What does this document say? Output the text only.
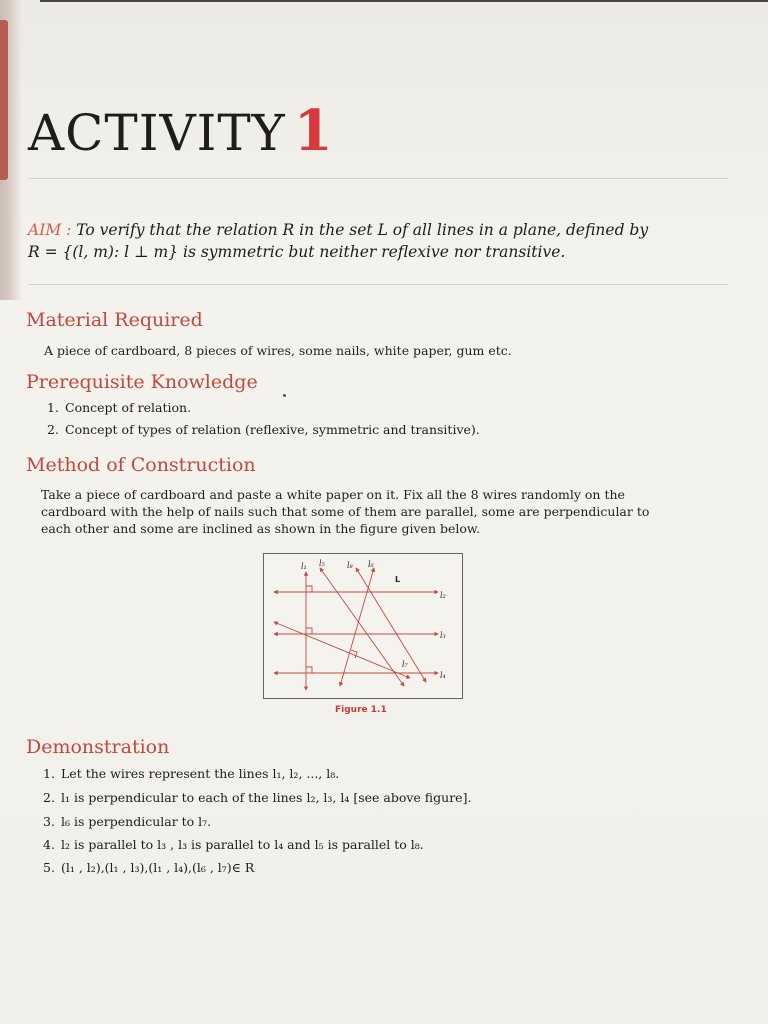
ACTIVITY 1
AIM : To verify that the relation R in the set L of all lines in a plane, defined by
R = {(l, m): l ⊥ m} is symmetric but neither reflexive nor transitive.
Material Required
A piece of cardboard, 8 pieces of wires, some nails, white paper, gum etc.
Prerequisite Knowledge
1. Concept of relation.
2. Concept of types of relation (reflexive, symmetric and transitive).
Method of Construction
Take a piece of cardboard and paste a white paper on it. Fix all the 8 wires randomly on the
cardboard with the help of nails such that some of them are parallel, some are perpendicular to
each other and some are inclined as shown in the figure given below.
l₁ l₅	l₈ l₆
L
l₂
l₃
l₇
l₄
Figure 1.1
Demonstration
1. Let the wires represent the lines l₁, l₂, ..., l₈.
2. l₁ is perpendicular to each of the lines l₂, l₃, l₄ [see above figure].
3. l₆ is perpendicular to l₇.
4. l₂ is parallel to l₃ , l₃ is parallel to l₄ and l₅ is parallel to l₈.
5. (l₁ , l₂),(l₁ , l₃),(l₁ , l₄),(l₆ , l₇)∈ R
